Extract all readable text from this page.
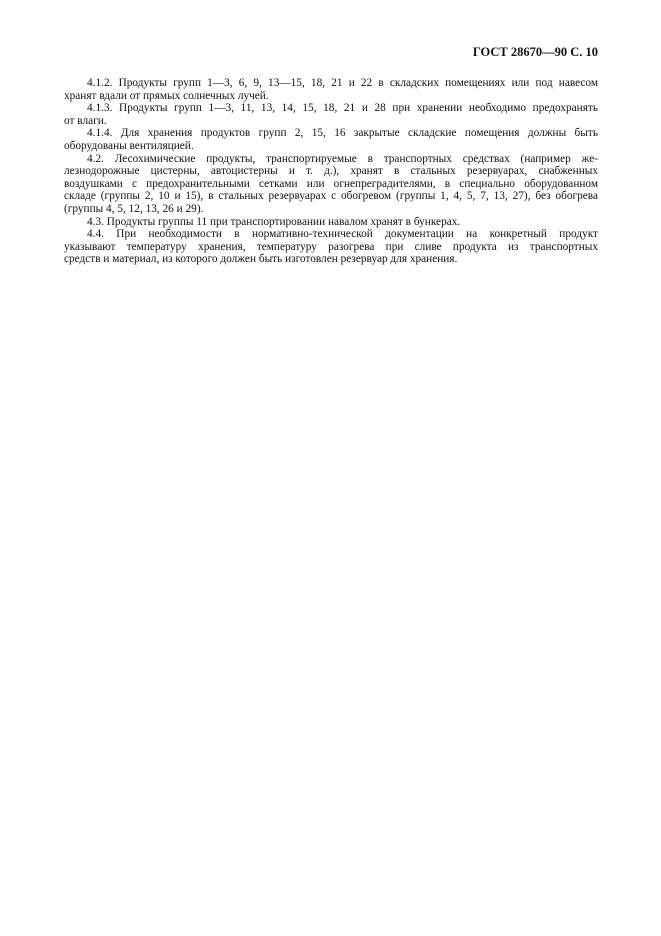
ГОСТ 28670—90 С. 10
4.1.2. Продукты групп 1—3, 6, 9, 13—15, 18, 21 и 22 в складских помещениях или под навесом
хранят вдали от прямых солнечных лучей.
4.1.3. Продукты групп 1—3, 11, 13, 14, 15, 18, 21 и 28 при хранении необходимо предохранять
от влаги.
4.1.4. Для хранения продуктов групп 2, 15, 16 закрытые складские помещения должны быть
оборудованы вентиляцией.
4.2. Лесохимические продукты, транспортируемые в транспортных средствах (например же-
лезнодорожные цистерны, автоцистерны и т. д.), хранят в стальных резервуарах, снабженных
воздушками с предохранительными сетками или огнепреградителями, в специально оборудованном
складе (группы 2, 10 и 15), в стальных резервуарах с обогревом (группы 1, 4, 5, 7, 13, 27), без обогрева
(группы 4, 5, 12, 13, 26 и 29).
4.3. Продукты группы 11 при транспортировании навалом хранят в бункерах.
4.4. При необходимости в нормативно-технической документации на конкретный продукт
указывают температуру хранения, температуру разогрева при сливе продукта из транспортных
средств и материал, из которого должен быть изготовлен резервуар для хранения.
